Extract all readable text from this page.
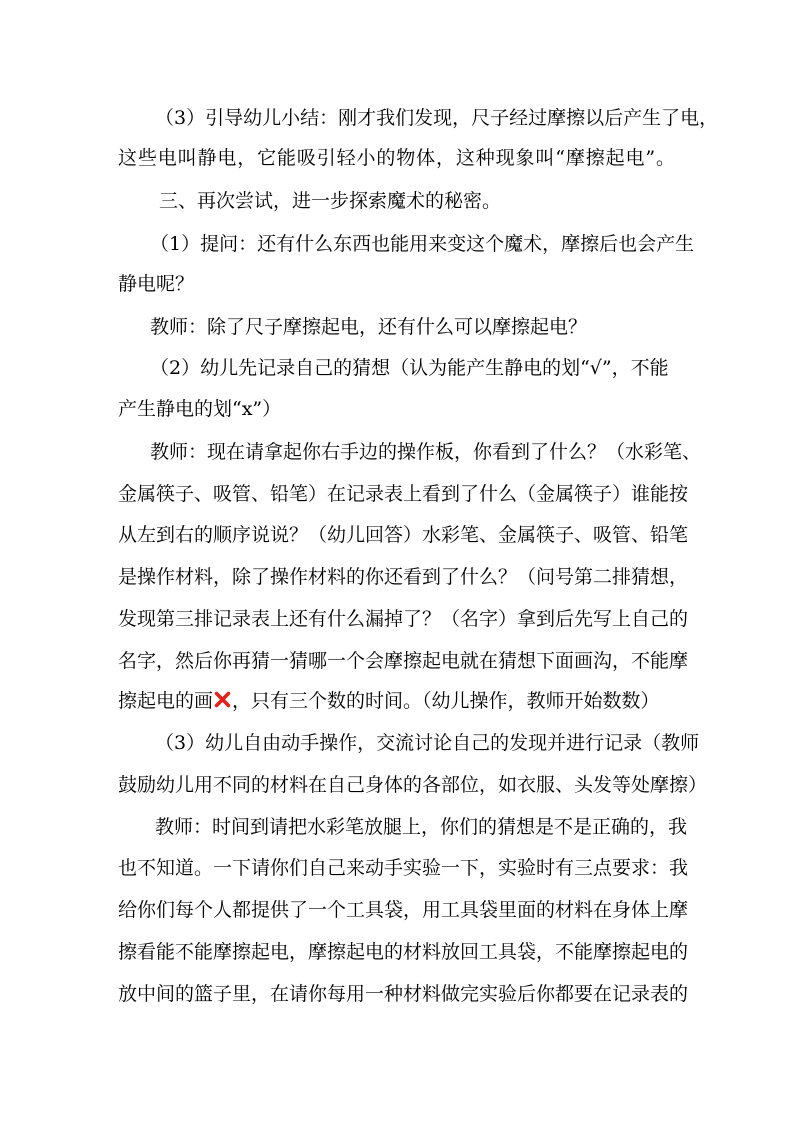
（3）引导幼儿小结：刚才我们发现，尺子经过摩擦以后产生了电，
这些电叫静电，它能吸引轻小的物体，这种现象叫“摩擦起电”。
三、再次尝试，进一步探索魔术的秘密。
（1）提问：还有什么东西也能用来变这个魔术，摩擦后也会产生
静电呢？
教师：除了尺子摩擦起电，还有什么可以摩擦起电？
（2）幼儿先记录自己的猜想（认为能产生静电的划“√”，不能
产生静电的划“x”）
教师：现在请拿起你右手边的操作板，你看到了什么？（水彩笔、
金属筷子、吸管、铅笔）在记录表上看到了什么（金属筷子）谁能按
从左到右的顺序说说？（幼儿回答）水彩笔、金属筷子、吸管、铅笔
是操作材料，除了操作材料的你还看到了什么？（问号第二排猜想，
发现第三排记录表上还有什么漏掉了？（名字）拿到后先写上自己的
名字，然后你再猜一猜哪一个会摩擦起电就在猜想下面画沟，不能摩
擦起电的画 ，只有三个数的时间。（幼儿操作，教师开始数数）
（3）幼儿自由动手操作，交流讨论自己的发现并进行记录（教师
鼓励幼儿用不同的材料在自己身体的各部位，如衣服、头发等处摩擦）
教师：时间到请把水彩笔放腿上，你们的猜想是不是正确的，我
也不知道。一下请你们自己来动手实验一下，实验时有三点要求：我
给你们每个人都提供了一个工具袋，用工具袋里面的材料在身体上摩
擦看能不能摩擦起电，摩擦起电的材料放回工具袋，不能摩擦起电的
放中间的篮子里，在请你每用一种材料做完实验后你都要在记录表的
